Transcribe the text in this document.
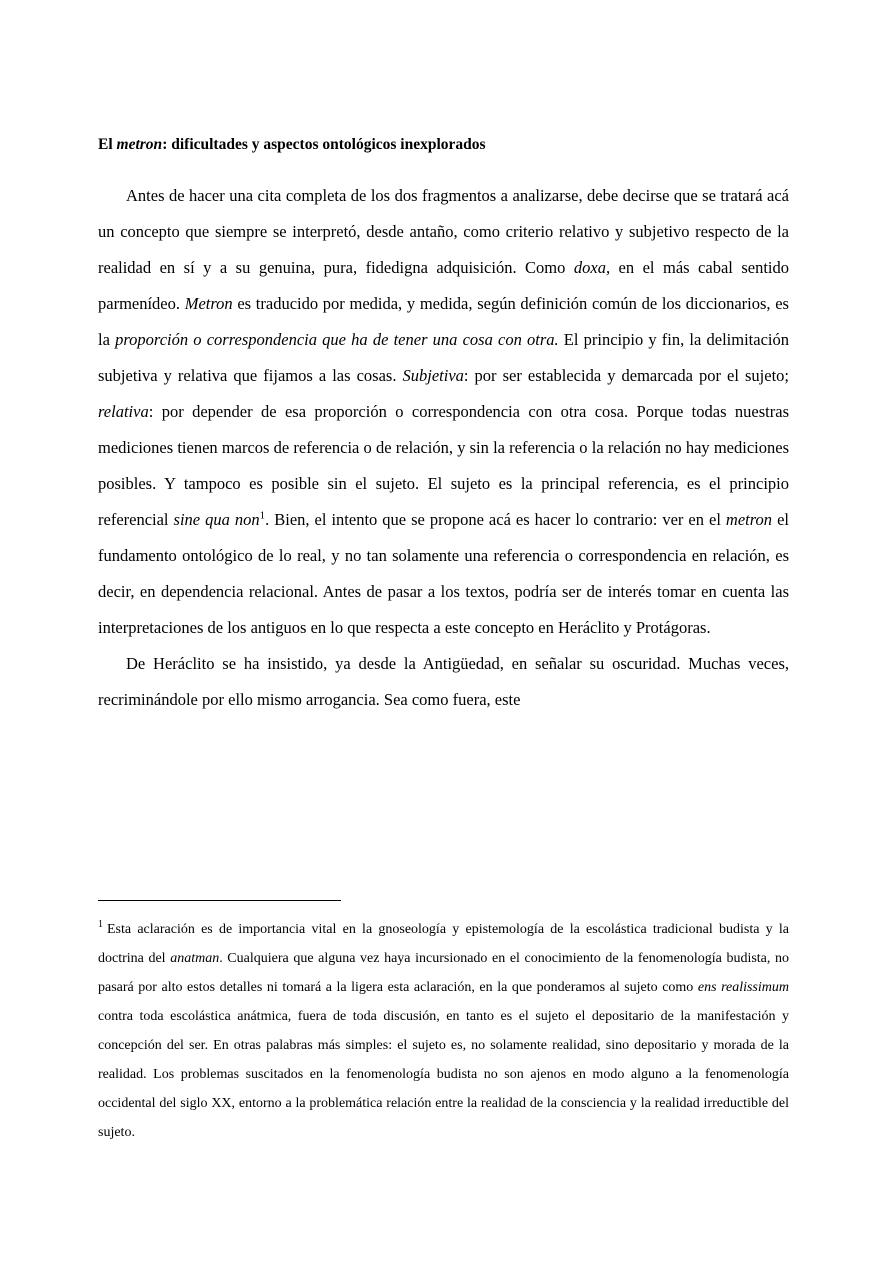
El metron: dificultades y aspectos ontológicos inexplorados

Antes de hacer una cita completa de los dos fragmentos a analizarse, debe decirse que se tratará acá un concepto que siempre se interpretó, desde antaño, como criterio relativo y subjetivo respecto de la realidad en sí y a su genuina, pura, fidedigna adquisición. Como doxa, en el más cabal sentido parmenídeo. Metron es traducido por medida, y medida, según definición común de los diccionarios, es la proporción o correspondencia que ha de tener una cosa con otra. El principio y fin, la delimitación subjetiva y relativa que fijamos a las cosas. Subjetiva: por ser establecida y demarcada por el sujeto; relativa: por depender de esa proporción o correspondencia con otra cosa. Porque todas nuestras mediciones tienen marcos de referencia o de relación, y sin la referencia o la relación no hay mediciones posibles. Y tampoco es posible sin el sujeto. El sujeto es la principal referencia, es el principio referencial sine qua non$^1$. Bien, el intento que se propone acá es hacer lo contrario: ver en el metron el fundamento ontológico de lo real, y no tan solamente una referencia o correspondencia en relación, es decir, en dependencia relacional. Antes de pasar a los textos, podría ser de interés tomar en cuenta las interpretaciones de los antiguos en lo que respecta a este concepto en Heráclito y Protágoras.

De Heráclito se ha insistido, ya desde la Antigüedad, en señalar su oscuridad. Muchas veces, recriminándole por ello mismo arrogancia. Sea como fuera, este

$^1$ Esta aclaración es de importancia vital en la gnoseología y epistemología de la escolástica tradicional budista y la doctrina del anatman. Cualquiera que alguna vez haya incursionado en el conocimiento de la fenomenología budista, no pasará por alto estos detalles ni tomará a la ligera esta aclaración, en la que ponderamos al sujeto como ens realissimum contra toda escolástica anátmica, fuera de toda discusión, en tanto es el sujeto el depositario de la manifestación y concepción del ser. En otras palabras más simples: el sujeto es, no solamente realidad, sino depositario y morada de la realidad. Los problemas suscitados en la fenomenología budista no son ajenos en modo alguno a la fenomenología occidental del siglo XX, entorno a la problemática relación entre la realidad de la consciencia y la realidad irreductible del sujeto.
